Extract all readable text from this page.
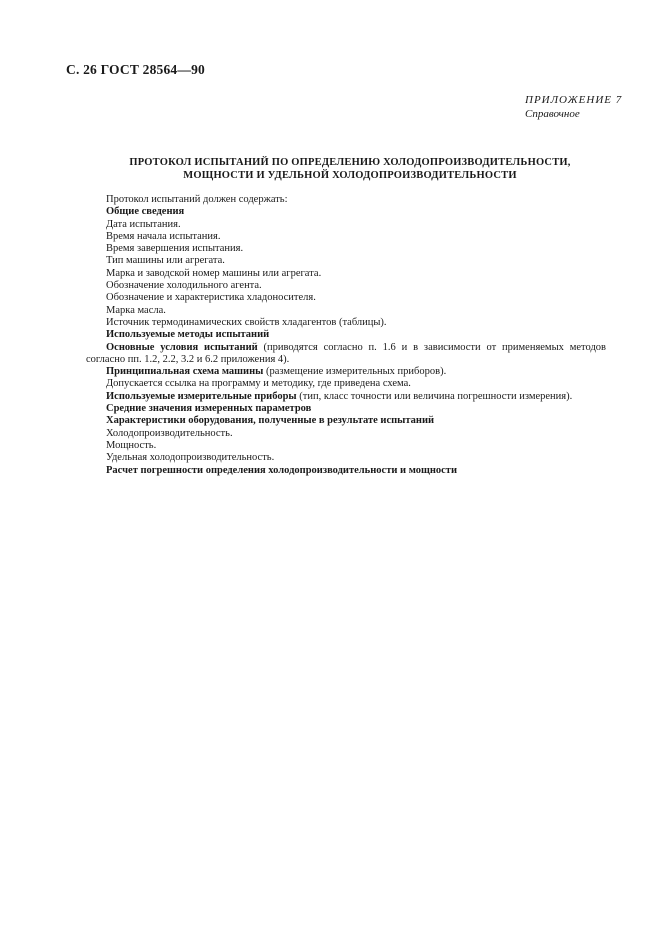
С. 26 ГОСТ 28564—90
ПРИЛОЖЕНИЕ 7
Справочное
ПРОТОКОЛ ИСПЫТАНИЙ ПО ОПРЕДЕЛЕНИЮ ХОЛОДОПРОИЗВОДИТЕЛЬНОСТИ,
МОЩНОСТИ И УДЕЛЬНОЙ ХОЛОДОПРОИЗВОДИТЕЛЬНОСТИ

Протокол испытаний должен содержать:

Общие сведения

Дата испытания.

Время начала испытания.

Время завершения испытания.

Тип машины или агрегата.

Марка и заводской номер машины или агрегата.

Обозначение холодильного агента.

Обозначение и характеристика хладоносителя.

Марка масла.

Источник термодинамических свойств хладагентов (таблицы).

Используемые методы испытаний

Основные условия испытаний (приводятся согласно п. 1.6 и в зависимости от применяемых методов согласно пп. 1.2, 2.2, 3.2 и 6.2 приложения 4).

Принципиальная схема машины (размещение измерительных приборов).

Допускается ссылка на программу и методику, где приведена схема.

Используемые измерительные приборы (тип, класс точности или величина погрешности измерения).

Средние значения измеренных параметров

Характеристики оборудования, полученные в результате испытаний

Холодопроизводительность.

Мощность.

Удельная холодопроизводительность.

Расчет погрешности определения холодопроизводительности и мощности
